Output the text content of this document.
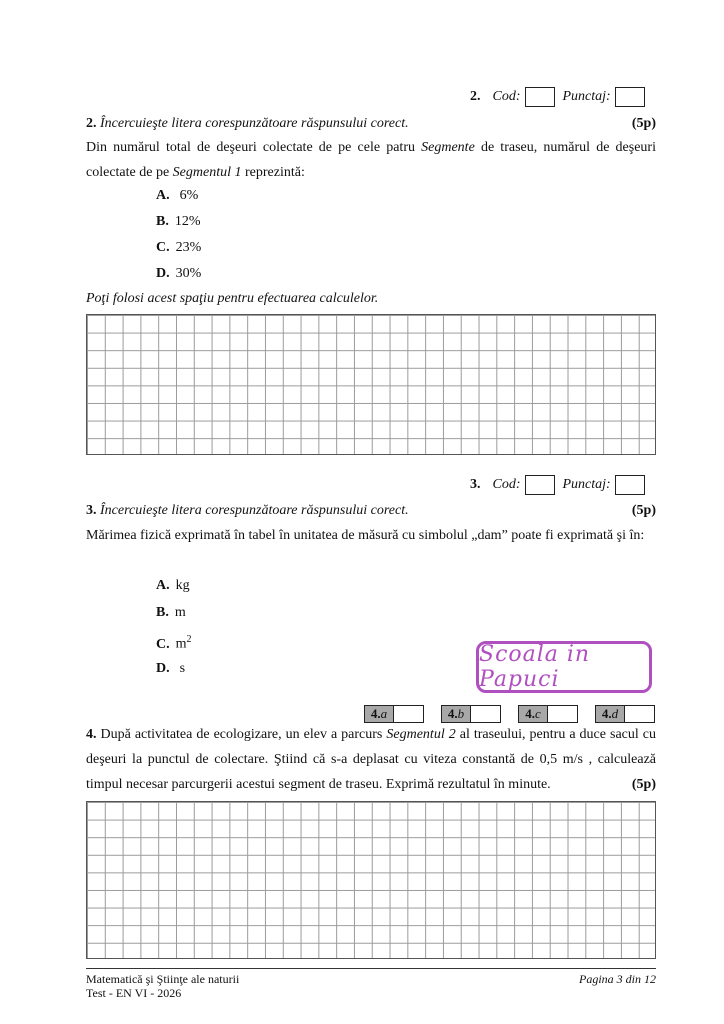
2. Cod:	Punctaj:
2. Încercuieşte litera corespunzătoare răspunsului corect.	(5p)
Din numărul total de deşeuri colectate de pe cele patru Segmente de traseu, numărul de deşeuri colectate de pe Segmentul 1 reprezintă:
A. 6%
B. 12%
C. 23%
D. 30%
Poţi folosi acest spaţiu pentru efectuarea calculelor.
3. Cod:	Punctaj:
3. Încercuieşte litera corespunzătoare răspunsului corect.	(5p)
Mărimea fizică exprimată în tabel în unitatea de măsură cu simbolul „dam” poate fi exprimată şi în:
A. kg
B. m
C. $m^2$
D. s
Scoala in Papuci
4. a	4. b	4. c	4. d
4. După activitatea de ecologizare, un elev a parcurs Segmentul 2 al traseului, pentru a duce sacul cu deşeuri la punctul de colectare. Ştiind că s-a deplasat cu viteza constantă de 0,5 m/s , calculează timpul necesar parcurgerii acestui segment de traseu. Exprimă rezultatul în minute.	(5p)
Matematică şi Ştiinţe ale naturii	Pagina 3 din 12
Test - EN VI - 2026
